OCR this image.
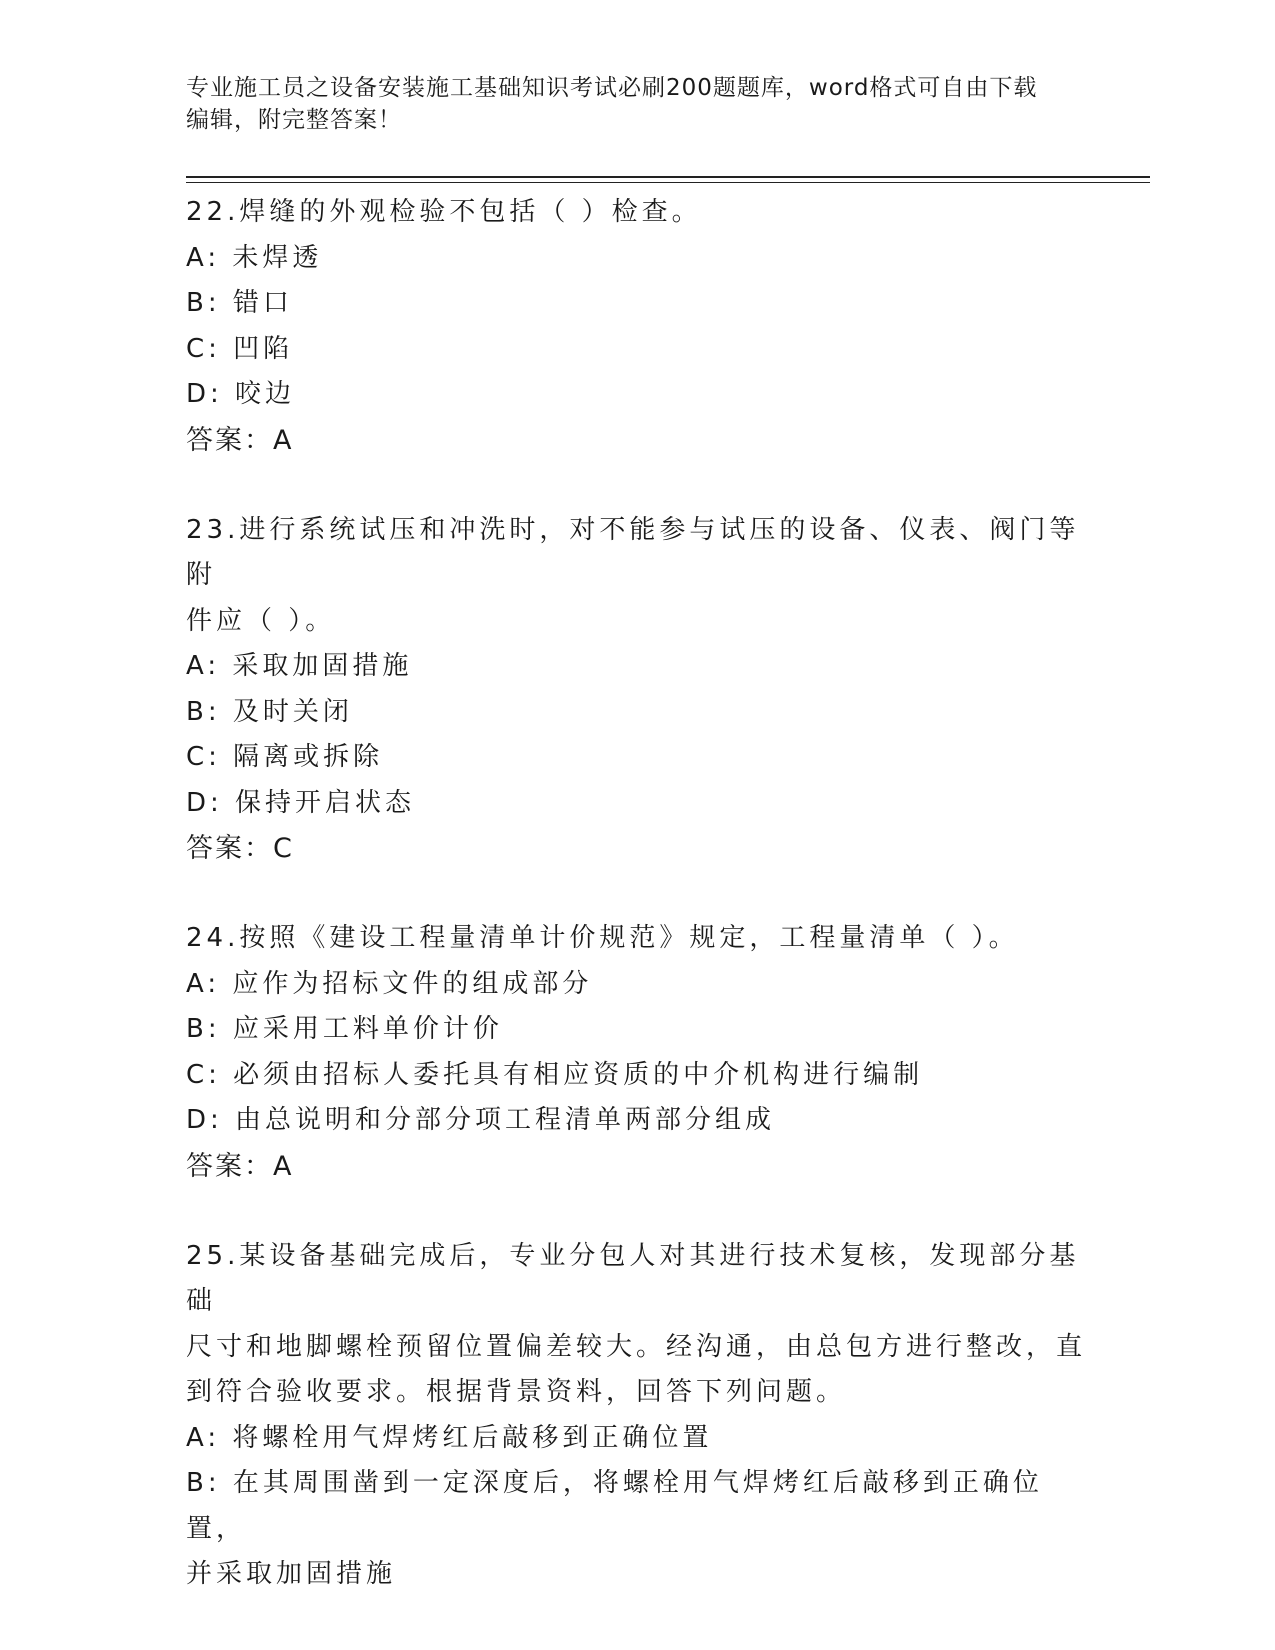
专业施工员之设备安装施工基础知识考试必刷200题题库，word格式可自由下载
编辑，附完整答案！
22.焊缝的外观检验不包括（ ）检查。
A: 未焊透
B: 错口
C: 凹陷
D: 咬边
答案：A
23.进行系统试压和冲洗时，对不能参与试压的设备、仪表、阀门等附
件应（ ）。
A: 采取加固措施
B: 及时关闭
C: 隔离或拆除
D: 保持开启状态
答案：C
24.按照《建设工程量清单计价规范》规定，工程量清单（ ）。
A: 应作为招标文件的组成部分
B: 应采用工料单价计价
C: 必须由招标人委托具有相应资质的中介机构进行编制
D: 由总说明和分部分项工程清单两部分组成
答案：A
25.某设备基础完成后，专业分包人对其进行技术复核，发现部分基础
尺寸和地脚螺栓预留位置偏差较大。经沟通，由总包方进行整改，直
到符合验收要求。根据背景资料，回答下列问题。
A: 将螺栓用气焊烤红后敲移到正确位置
B: 在其周围凿到一定深度后，将螺栓用气焊烤红后敲移到正确位置，
并采取加固措施
